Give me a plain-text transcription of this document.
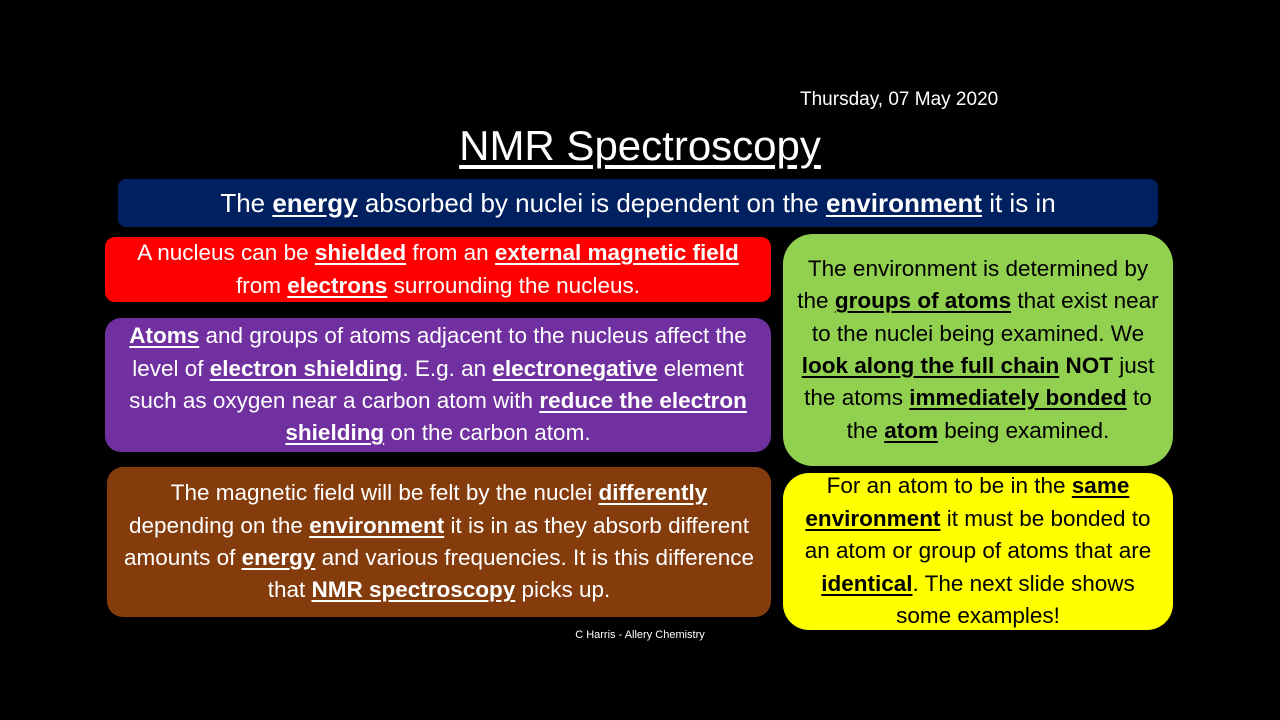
Thursday, 07 May 2020
NMR Spectroscopy
The energy absorbed by nuclei is dependent on the environment it is in
A nucleus can be shielded from an external magnetic field from electrons surrounding the nucleus.
Atoms and groups of atoms adjacent to the nucleus affect the level of electron shielding. E.g. an electronegative element such as oxygen near a carbon atom with reduce the electron shielding on the carbon atom.
The magnetic field will be felt by the nuclei differently depending on the environment it is in as they absorb different amounts of energy and various frequencies. It is this difference that NMR spectroscopy picks up.
The environment is determined by the groups of atoms that exist near to the nuclei being examined. We look along the full chain NOT just the atoms immediately bonded to the atom being examined.
For an atom to be in the same environment it must be bonded to an atom or group of atoms that are identical. The next slide shows some examples!
C Harris - Allery Chemistry
